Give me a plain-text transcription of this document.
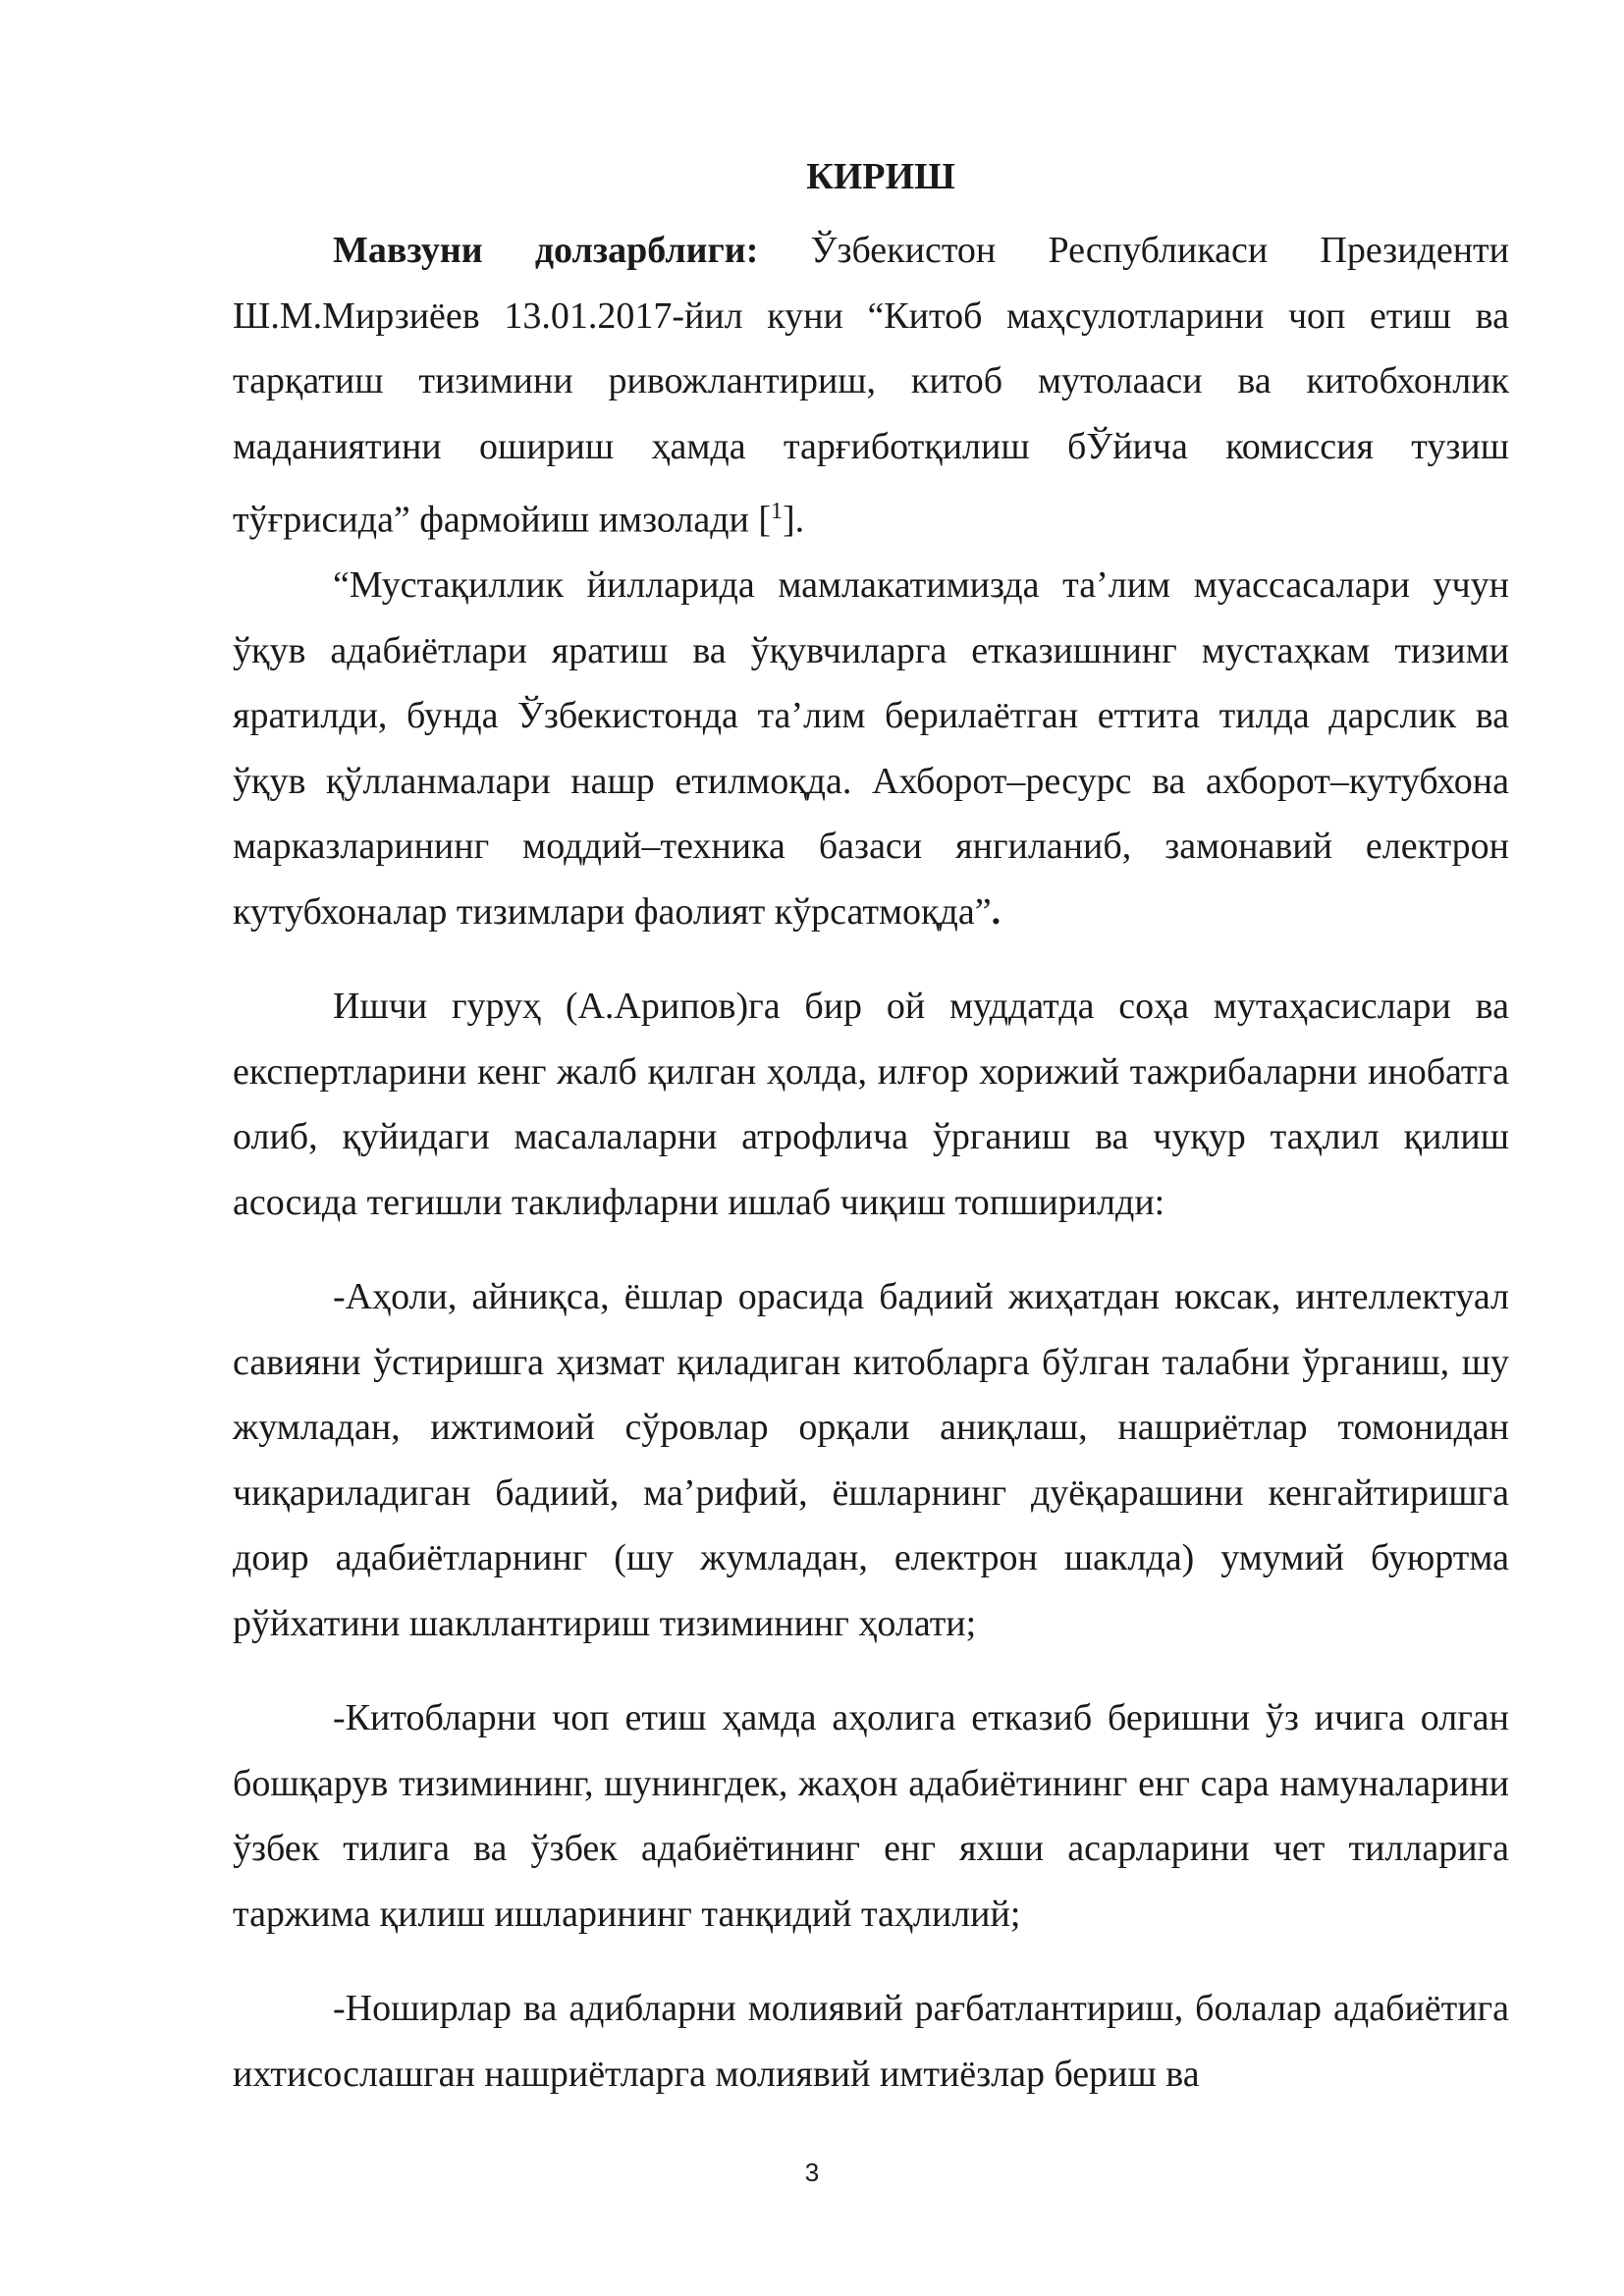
КИРИШ

Мавзуни долзарблиги: Ўзбекистон Республикаси Президенти Ш.М.Мирзиёев 13.01.2017-йил куни “Китоб маҳсулотларини чоп етиш ва тарқатиш тизимини ривожлантириш, китоб мутолааси ва китобхонлик маданиятини ошириш ҳамда тарғиботқилиш бЎйича комиссия тузиш тўғрисида” фармойиш имзолади [$^1$].

“Мустақиллик йилларида мамлакатимизда та’лим муассасалари учун ўқув адабиётлари яратиш ва ўқувчиларга етказишнинг мустаҳкам тизими яратилди, бунда Ўзбекистонда та’лим берилаётган еттита тилда дарслик ва ўқув қўлланмалари нашр етилмоқда. Ахборот–ресурс ва ахборот–кутубхона марказларининг моддий–техника базаси янгиланиб, замонавий електрон кутубхоналар тизимлари фаолият кўрсатмоқда”.

Ишчи гуруҳ (А.Арипов)га бир ой муддатда соҳа мутаҳасислари ва експертларини кенг жалб қилган ҳолда, илғор хорижий тажрибаларни инобатга олиб, қуйидаги масалаларни атрофлича ўрганиш ва чуқур таҳлил қилиш асосида тегишли таклифларни ишлаб чиқиш топширилди:

-Аҳоли, айниқса, ёшлар орасида бадиий жиҳатдан юксак, интеллектуал савияни ўстиришга ҳизмат қиладиган китобларга бўлган талабни ўрганиш, шу жумладан, ижтимоий сўровлар орқали аниқлаш, нашриётлар томонидан чиқариладиган бадиий, ма’рифий, ёшларнинг дуёқарашини кенгайтиришга доир адабиётларнинг (шу жумладан, електрон шаклда) умумий буюртма рўйхатини шакллантириш тизимининг ҳолати;

-Китобларни чоп етиш ҳамда аҳолига етказиб беришни ўз ичига олган бошқарув тизимининг, шунингдек, жаҳон адабиётининг енг сара намуналарини ўзбек тилига ва ўзбек адабиётининг енг яхши асарларини чет тилларига таржима қилиш ишларининг танқидий таҳлилий;

-Ноширлар ва адибларни молиявий рағбатлантириш, болалар адабиётига ихтисослашган нашриётларга молиявий имтиёзлар бериш ва

3
